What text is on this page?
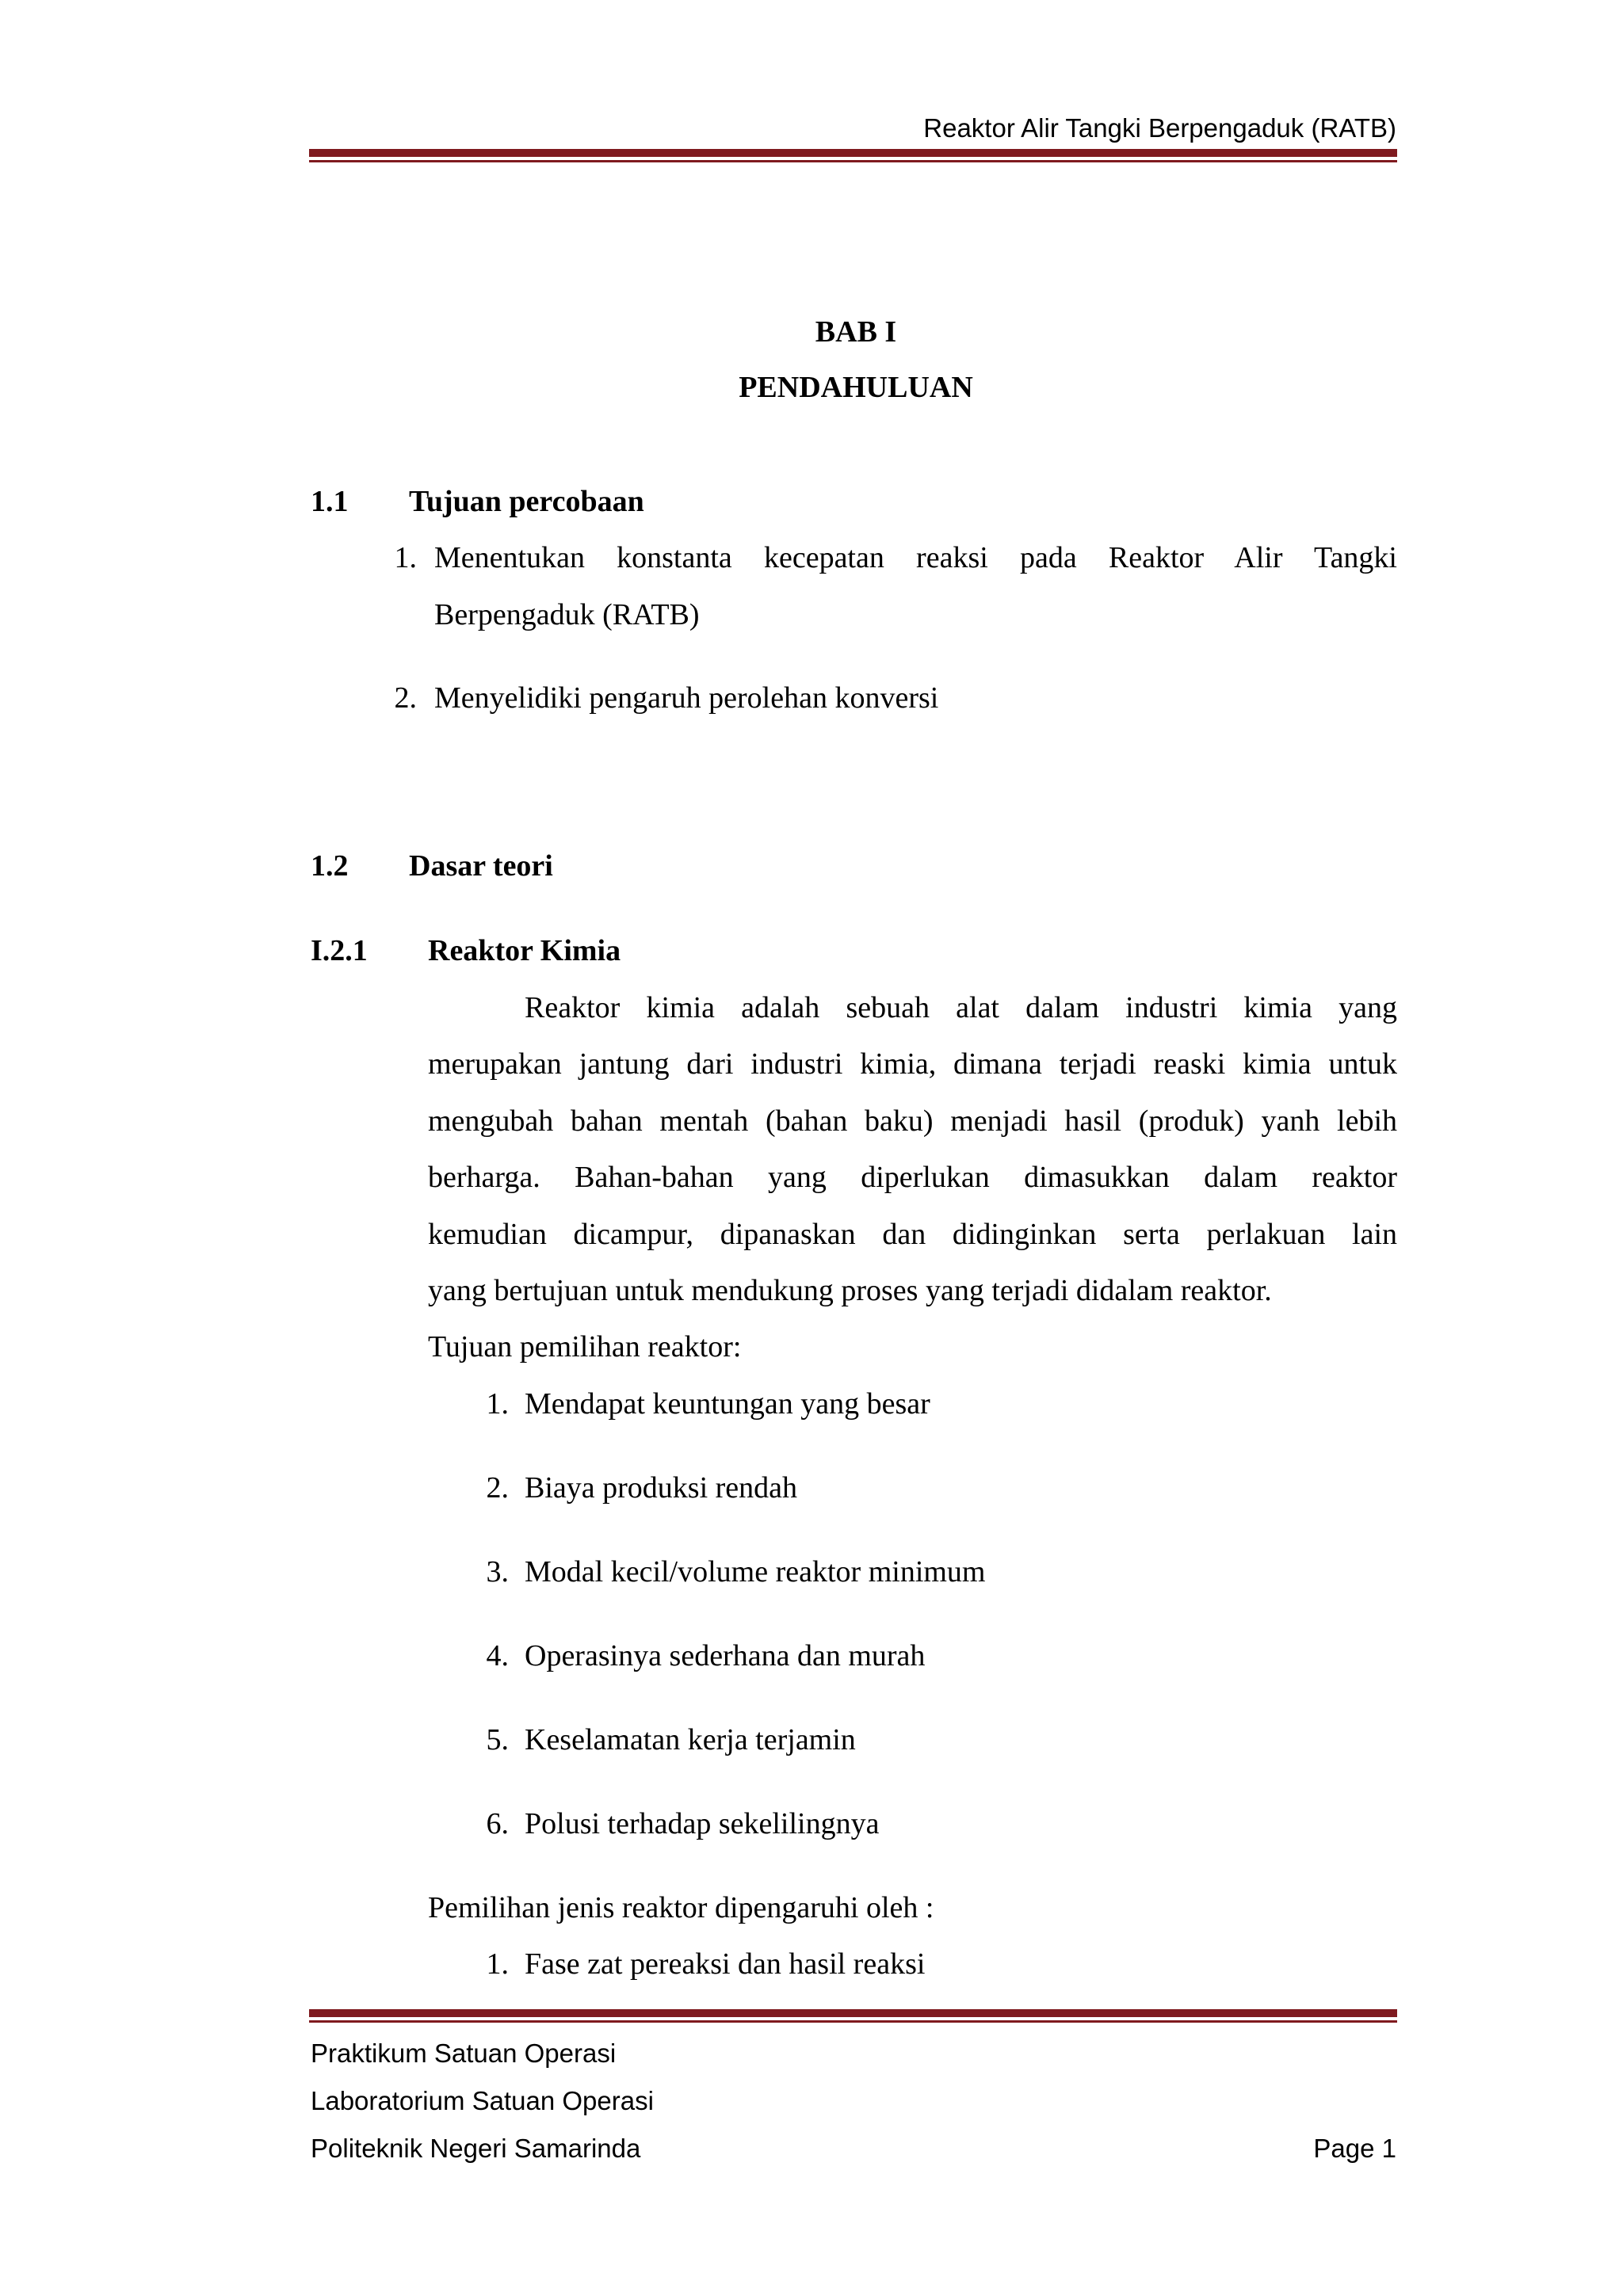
Reaktor Alir Tangki Berpengaduk (RATB)
BAB I
PENDAHULUAN
1.1 Tujuan percobaan
1. Menentukan konstanta kecepatan reaksi pada Reaktor Alir Tangki
Berpengaduk (RATB)
2. Menyelidiki pengaruh perolehan konversi
1.2 Dasar teori
I.2.1 Reaktor Kimia
Reaktor kimia adalah sebuah alat dalam industri kimia yang
merupakan jantung dari industri kimia, dimana terjadi reaski kimia untuk
mengubah bahan mentah (bahan baku) menjadi hasil (produk) yanh lebih
berharga. Bahan-bahan yang diperlukan dimasukkan dalam reaktor
kemudian dicampur, dipanaskan dan didinginkan serta perlakuan lain
yang bertujuan untuk mendukung proses yang terjadi didalam reaktor.
Tujuan pemilihan reaktor:
1. Mendapat keuntungan yang besar
2. Biaya produksi rendah
3. Modal kecil/volume reaktor minimum
4. Operasinya sederhana dan murah
5. Keselamatan kerja terjamin
6. Polusi terhadap sekelilingnya
Pemilihan jenis reaktor dipengaruhi oleh :
1. Fase zat pereaksi dan hasil reaksi
Praktikum Satuan Operasi
Laboratorium Satuan Operasi
Politeknik Negeri Samarinda	Page 1
